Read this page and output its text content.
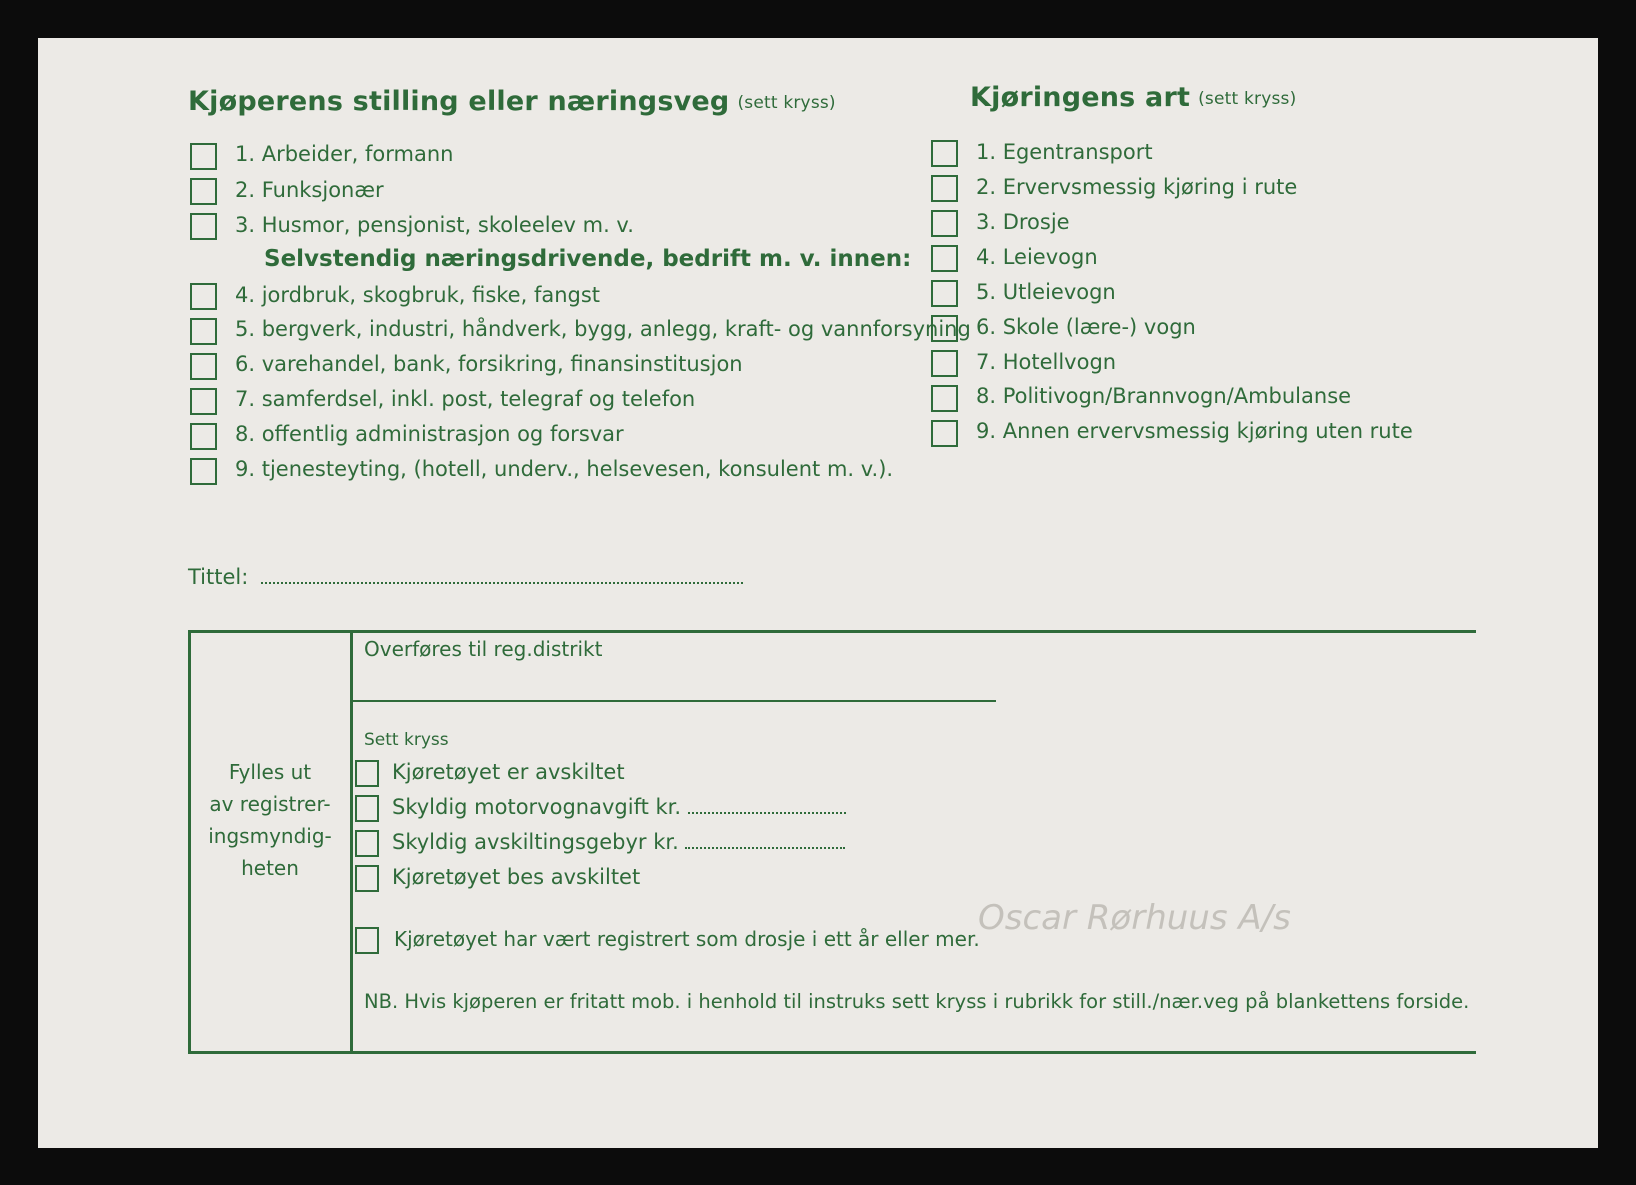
Oscar Rørhuus A/s
Kjøperens stilling eller næringsveg (sett kryss)	Kjøringens art (sett kryss)
1. Arbeider, formann
2. Funksjonær
3. Husmor, pensjonist, skoleelev m. v.
Selvstendig næringsdrivende, bedrift m. v. innen:
4. jordbruk, skogbruk, fiske, fangst
5. bergverk, industri, håndverk, bygg, anlegg, kraft- og vannforsyning
6. varehandel, bank, forsikring, finansinstitusjon
7. samferdsel, inkl. post, telegraf og telefon
8. offentlig administrasjon og forsvar
9. tjenesteyting, (hotell, underv., helsevesen, konsulent m. v.).
1. Egentransport
2. Ervervsmessig kjøring i rute
3. Drosje
4. Leievogn
5. Utleievogn
6. Skole (lære-) vogn
7. Hotellvogn
8. Politivogn/Brannvogn/Ambulanse
9. Annen ervervsmessig kjøring uten rute
Tittel:
Fylles ut
av registrer-
ingsmyndig-
heten
Overføres til reg.distrikt
Sett kryss
Kjøretøyet er avskiltet
Skyldig motorvognavgift kr.
Skyldig avskiltingsgebyr kr.
Kjøretøyet bes avskiltet
Kjøretøyet har vært registrert som drosje i ett år eller mer.
NB. Hvis kjøperen er fritatt mob. i henhold til instruks sett kryss i rubrikk for still./nær.veg på blankettens forside.
